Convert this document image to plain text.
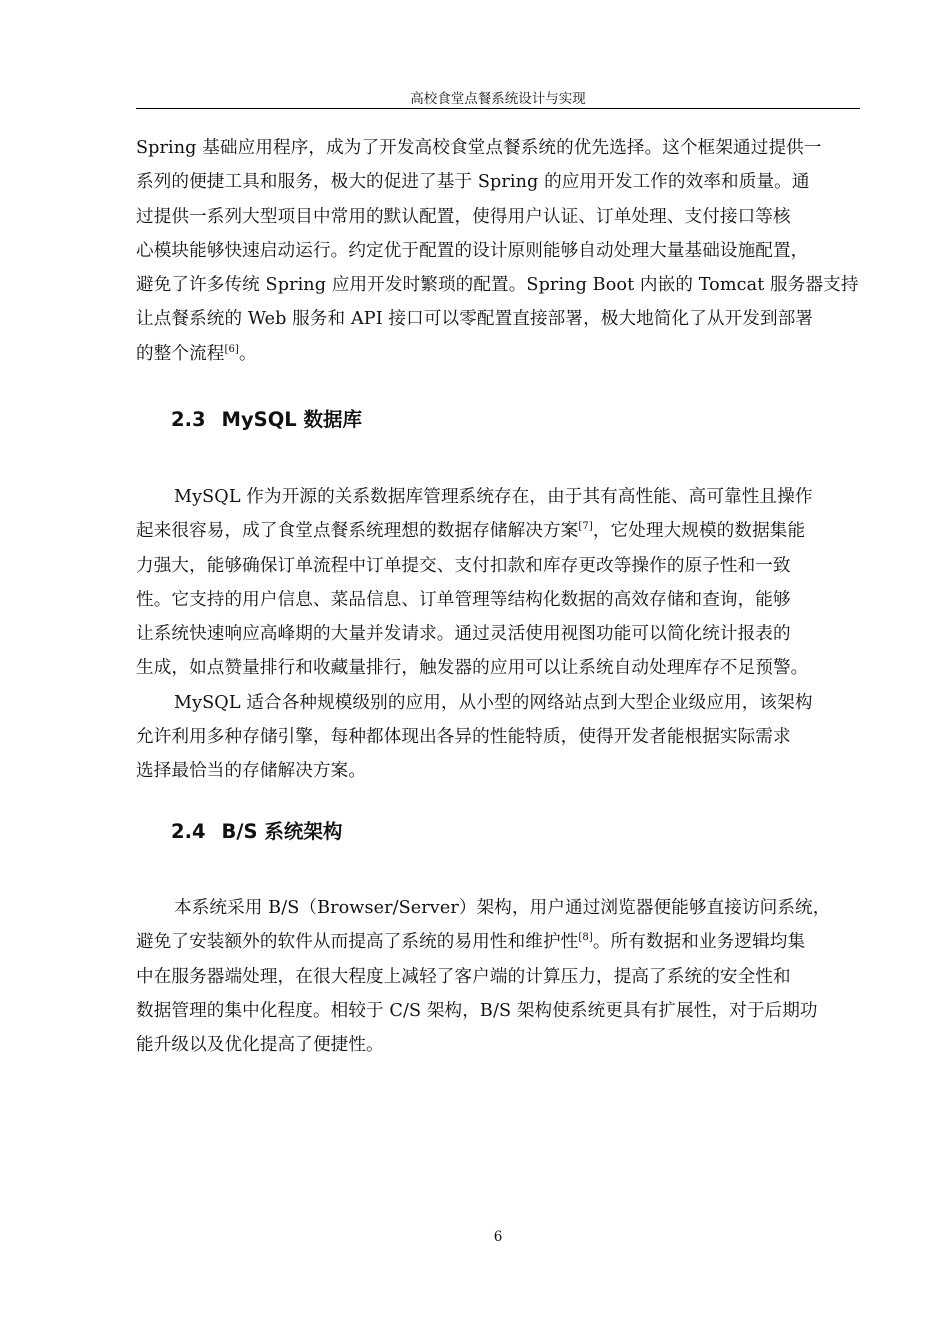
高校食堂点餐系统设计与实现

Spring 基础应用程序，成为了开发高校食堂点餐系统的优先选择。这个框架通过提供一
系列的便捷工具和服务，极大的促进了基于 Spring 的应用开发工作的效率和质量。通
过提供一系列大型项目中常用的默认配置，使得用户认证、订单处理、支付接口等核
心模块能够快速启动运行。约定优于配置的设计原则能够自动处理大量基础设施配置，
避免了许多传统 Spring 应用开发时繁琐的配置。Spring Boot 内嵌的 Tomcat 服务器支持
让点餐系统的 Web 服务和 API 接口可以零配置直接部署，极大地简化了从开发到部署
的整个流程[6]。

2.3 MySQL 数据库

MySQL 作为开源的关系数据库管理系统存在，由于其有高性能、高可靠性且操作
起来很容易，成了食堂点餐系统理想的数据存储解决方案[7]，它处理大规模的数据集能
力强大，能够确保订单流程中订单提交、支付扣款和库存更改等操作的原子性和一致
性。它支持的用户信息、菜品信息、订单管理等结构化数据的高效存储和查询，能够
让系统快速响应高峰期的大量并发请求。通过灵活使用视图功能可以简化统计报表的
生成，如点赞量排行和收藏量排行，触发器的应用可以让系统自动处理库存不足预警。

MySQL 适合各种规模级别的应用，从小型的网络站点到大型企业级应用，该架构
允许利用多种存储引擎，每种都体现出各异的性能特质，使得开发者能根据实际需求
选择最恰当的存储解决方案。

2.4 B/S 系统架构

本系统采用 B/S（Browser/Server）架构，用户通过浏览器便能够直接访问系统，
避免了安装额外的软件从而提高了系统的易用性和维护性[8]。所有数据和业务逻辑均集
中在服务器端处理，在很大程度上减轻了客户端的计算压力，提高了系统的安全性和
数据管理的集中化程度。相较于 C/S 架构，B/S 架构使系统更具有扩展性，对于后期功
能升级以及优化提高了便捷性。

6
